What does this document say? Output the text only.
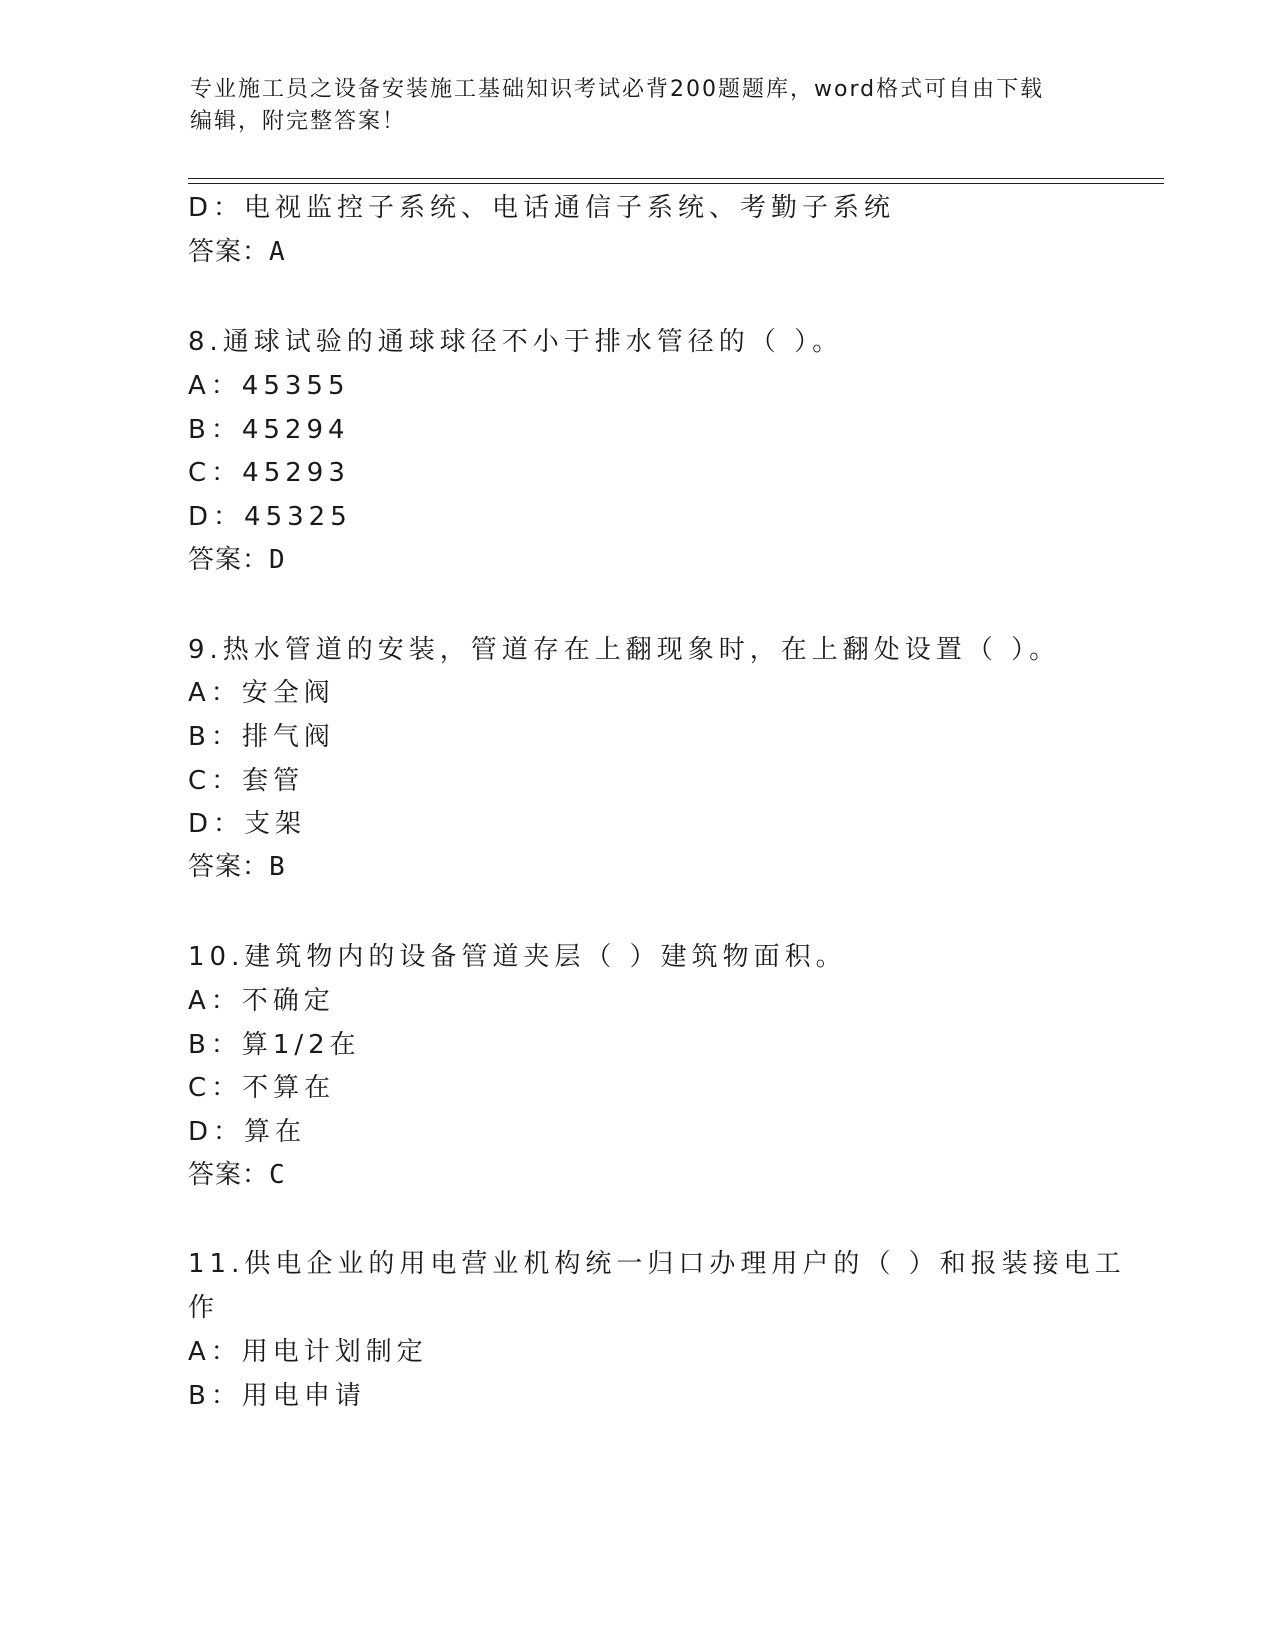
专业施工员之设备安装施工基础知识考试必背200题题库，word格式可自由下载
编辑，附完整答案！
D：电视监控子系统、电话通信子系统、考勤子系统
答案：A
8.通球试验的通球球径不小于排水管径的（ ）。
A：45355
B：45294
C：45293
D：45325
答案：D
9.热水管道的安装，管道存在上翻现象时，在上翻处设置（ ）。
A：安全阀
B：排气阀
C：套管
D：支架
答案：B
10.建筑物内的设备管道夹层（ ）建筑物面积。
A：不确定
B：算1/2在
C：不算在
D：算在
答案：C
11.供电企业的用电营业机构统一归口办理用户的（ ）和报装接电工
作
A：用电计划制定
B：用电申请
